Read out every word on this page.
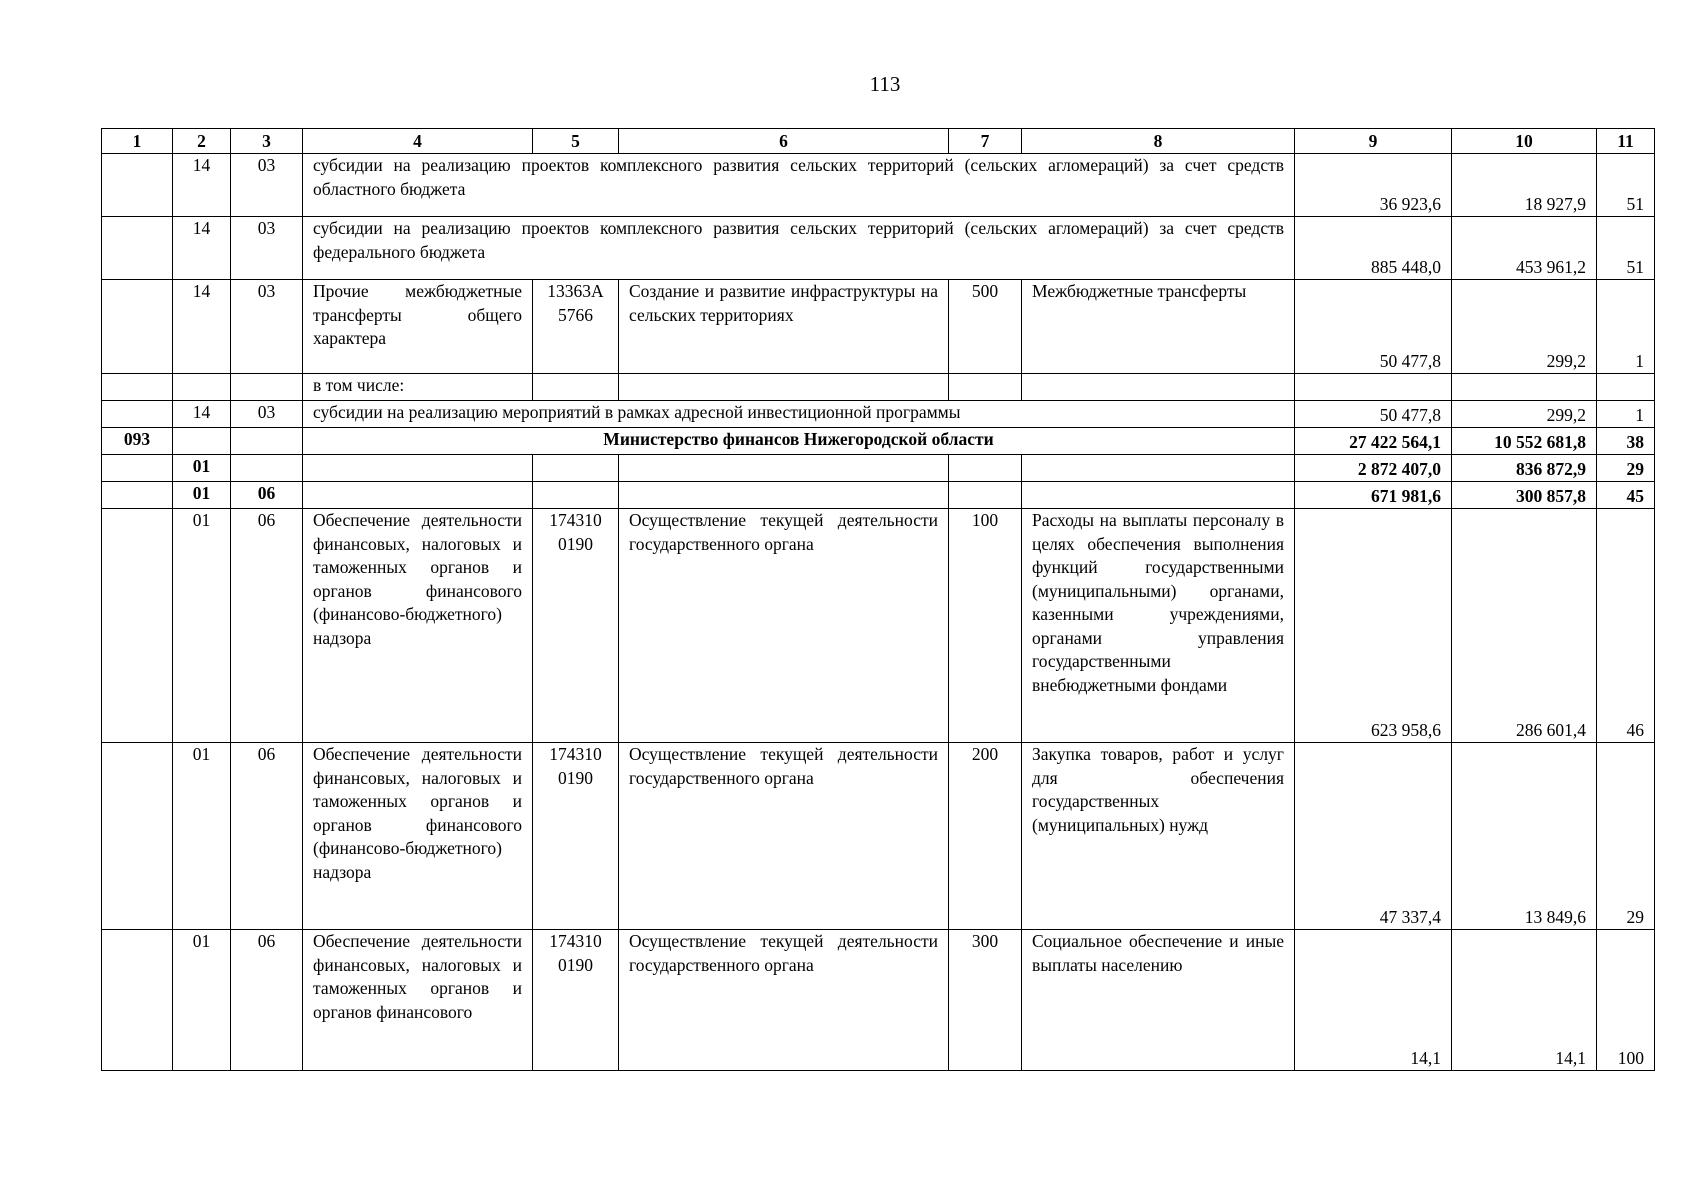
113
1	2	3	4	5	6	7	8	9	10	11
	14	03	субсидии на реализацию проектов комплексного развития сельских территорий (сельских агломераций) за счет средств областного бюджета					36 923,6	18 927,9	51
	14	03	субсидии на реализацию проектов комплексного развития сельских территорий (сельских агломераций) за счет средств федерального бюджета					885 448,0	453 961,2	51
	14	03	Прочие межбюджетные трансферты общего характера	13363А 5766	Создание и развитие инфраструктуры на сельских территориях	500	Межбюджетные трансферты	50 477,8	299,2	1
			в том числе:							
	14	03	субсидии на реализацию мероприятий в рамках адресной инвестиционной программы					50 477,8	299,2	1
093			Министерство финансов Нижегородской области					27 422 564,1	10 552 681,8	38
	01							2 872 407,0	836 872,9	29
	01	06						671 981,6	300 857,8	45
	01	06	Обеспечение деятельности финансовых, налоговых и таможенных органов и органов финансового (финансово-бюджетного) надзора	174310 0190	Осуществление текущей деятельности государственного органа	100	Расходы на выплаты персоналу в целях обеспечения выполнения функций государственными (муниципальными) органами, казенными учреждениями, органами управления государственными внебюджетными фондами	623 958,6	286 601,4	46
	01	06	Обеспечение деятельности финансовых, налоговых и таможенных органов и органов финансового (финансово-бюджетного) надзора	174310 0190	Осуществление текущей деятельности государственного органа	200	Закупка товаров, работ и услуг для обеспечения государственных (муниципальных) нужд	47 337,4	13 849,6	29
	01	06	Обеспечение деятельности финансовых, налоговых и таможенных органов и органов финансового	174310 0190	Осуществление текущей деятельности государственного органа	300	Социальное обеспечение и иные выплаты населению	14,1	14,1	100
